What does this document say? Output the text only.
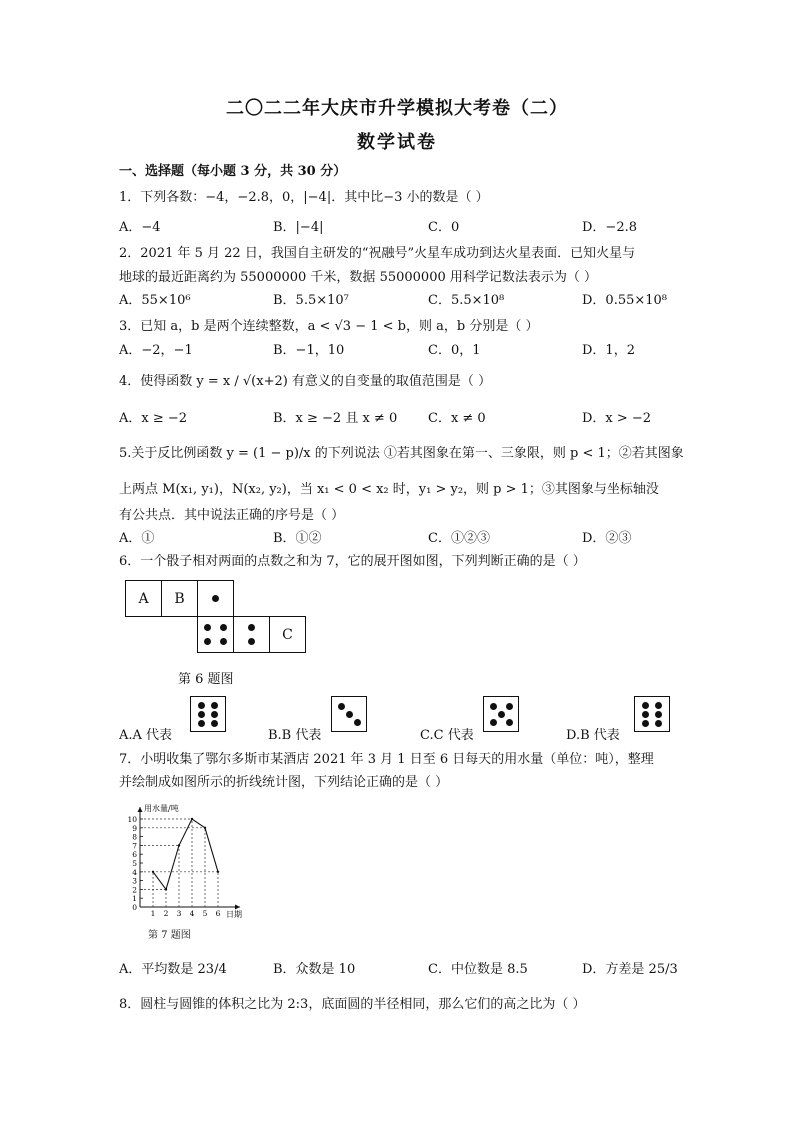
二〇二二年大庆市升学模拟大考卷（二）
数学试卷
一、选择题（每小题 3 分，共 30 分）
1．下列各数：−4，−2.8，0，|−4|．其中比−3 小的数是（ ）
A．−4	B．|−4|	C．0	D．−2.8
2．2021 年 5 月 22 日，我国自主研发的“祝融号”火星车成功到达火星表面．已知火星与
地球的最近距离约为 55000000 千米，数据 55000000 用科学记数法表示为（ ）
A．55×10⁶	B．5.5×10⁷	C．5.5×10⁸	D．0.55×10⁸
3．已知 a，b 是两个连续整数，a < √3 − 1 < b，则 a，b 分别是（ ）
A．−2，−1	B．−1，10	C．0，1	D．1，2
4．使得函数 y = x / √(x+2) 有意义的自变量的取值范围是（ ）
A．x ≥ −2	B．x ≥ −2 且 x ≠ 0 C．x ≠ 0	D．x > −2
5.关于反比例函数 y = (1 − p)/x 的下列说法 ①若其图象在第一、三象限，则 p < 1；②若其图象
上两点 M(x₁, y₁)，N(x₂, y₂)，当 x₁ < 0 < x₂ 时，y₁ > y₂，则 p > 1；③其图象与坐标轴没
有公共点．其中说法正确的序号是（ ）
A．①	B．①②	C．①②③	D．②③
6．一个骰子相对两面的点数之和为 7，它的展开图如图，下列判断正确的是（ ）
A	B
C
第 6 题图
A.A 代表	B.B 代表	C.C 代表	D.B 代表
7．小明收集了鄂尔多斯市某酒店 2021 年 3 月 1 日至 6 日每天的用水量（单位：吨），整理
并绘制成如图所示的折线统计图，下列结论正确的是（ ）
用水量/吨
日期
0
1
2
3
4
5
6
7
8
9
10
1 2 3 4 5 6
第 7 题图
A．平均数是 23/4	B．众数是 10	C．中位数是 8.5	D．方差是 25/3
8．圆柱与圆锥的体积之比为 2:3，底面圆的半径相同，那么它们的高之比为（ ）
